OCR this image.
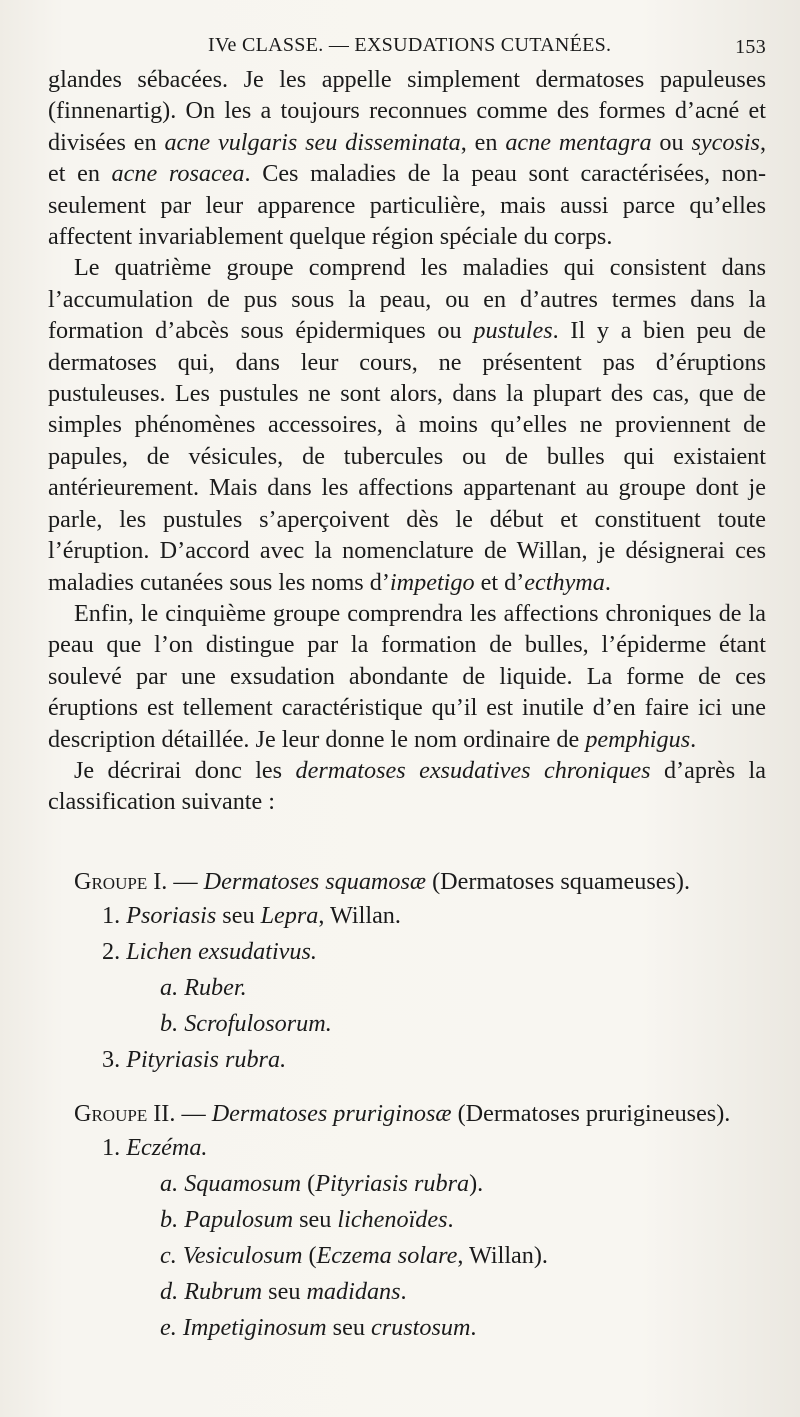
IVe CLASSE. — EXSUDATIONS CUTANÉES.	153

glandes sébacées. Je les appelle simplement dermatoses papuleuses (finnenartig). On les a toujours reconnues comme des formes d’acné et divisées en acne vulgaris seu disseminata, en acne mentagra ou sycosis, et en acne rosacea. Ces maladies de la peau sont caractérisées, non-seulement par leur apparence particulière, mais aussi parce qu’elles affectent invariablement quelque région spéciale du corps.

Le quatrième groupe comprend les maladies qui consistent dans l’accumulation de pus sous la peau, ou en d’autres termes dans la formation d’abcès sous épidermiques ou pustules. Il y a bien peu de dermatoses qui, dans leur cours, ne présentent pas d’éruptions pustuleuses. Les pustules ne sont alors, dans la plupart des cas, que de simples phénomènes accessoires, à moins qu’elles ne proviennent de papules, de vésicules, de tubercules ou de bulles qui existaient antérieurement. Mais dans les affections appartenant au groupe dont je parle, les pustules s’aperçoivent dès le début et constituent toute l’éruption. D’accord avec la nomenclature de Willan, je désignerai ces maladies cutanées sous les noms d’impetigo et d’ecthyma.

Enfin, le cinquième groupe comprendra les affections chroniques de la peau que l’on distingue par la formation de bulles, l’épiderme étant soulevé par une exsudation abondante de liquide. La forme de ces éruptions est tellement caractéristique qu’il est inutile d’en faire ici une description détaillée. Je leur donne le nom ordinaire de pemphigus.

Je décrirai donc les dermatoses exsudatives chroniques d’après la classification suivante :

Groupe I. — Dermatoses squamosæ (Dermatoses squameuses).

1. Psoriasis seu Lepra, Willan.

2. Lichen exsudativus.

a. Ruber.

b. Scrofulosorum.

3. Pityriasis rubra.

Groupe II. — Dermatoses pruriginosæ (Dermatoses prurigineuses).

1. Eczéma.

a. Squamosum (Pityriasis rubra).

b. Papulosum seu lichenoïdes.

c. Vesiculosum (Eczema solare, Willan).

d. Rubrum seu madidans.

e. Impetiginosum seu crustosum.
